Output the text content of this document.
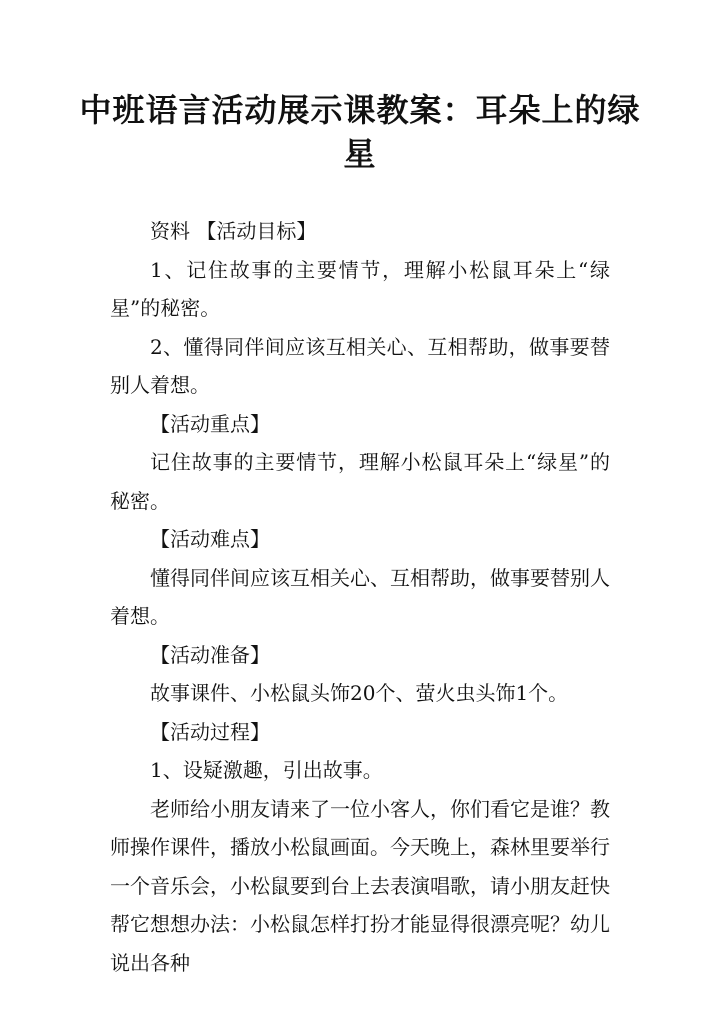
中班语言活动展示课教案：耳朵上的绿
星

资料 【活动目标】

1、记住故事的主要情节，理解小松鼠耳朵上“绿星”的秘密。

2、懂得同伴间应该互相关心、互相帮助，做事要替别人着想。

【活动重点】

记住故事的主要情节，理解小松鼠耳朵上“绿星”的秘密。

【活动难点】

懂得同伴间应该互相关心、互相帮助，做事要替别人着想。

【活动准备】

故事课件、小松鼠头饰20个、萤火虫头饰1个。

【活动过程】

1、设疑激趣，引出故事。

老师给小朋友请来了一位小客人，你们看它是谁？教师操作课件，播放小松鼠画面。今天晚上，森林里要举行一个音乐会，小松鼠要到台上去表演唱歌，请小朋友赶快帮它想想办法：小松鼠怎样打扮才能显得很漂亮呢？幼儿说出各种
